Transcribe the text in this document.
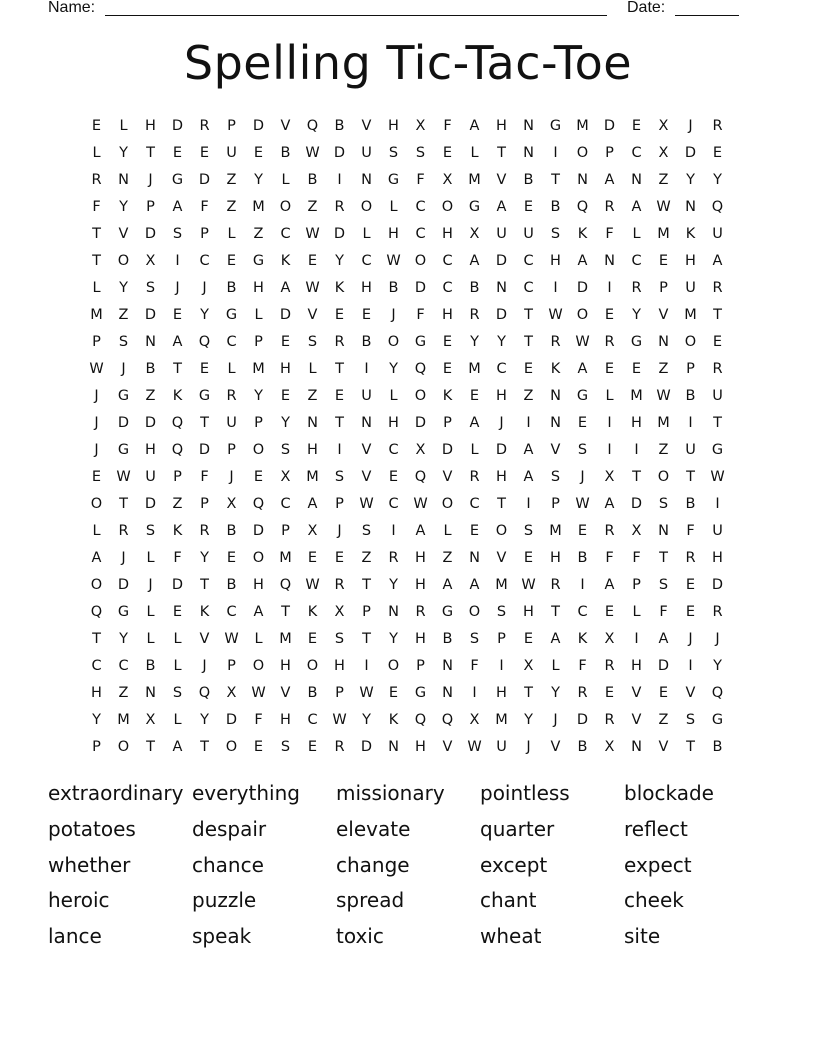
Name:	Date:
Spelling Tic-Tac-Toe
E	L	H	D	R	P	D	V	Q	B	V	H	X	F	A	H	N	G	M	D	E	X	J	R
L	Y	T	E	E	U	E	B	W D	U	S	S	E	L	T	N	I	O	P	C	X	D	E
R	N	J	G	D	Z	Y	L	B	I	N	G	F	X	M	V	B	T	N	A	N	Z	Y	Y
F	Y	P	A	F	Z	M	O	Z	R	O	L	C	O	G	A	E	B	Q	R	A	W N	Q
T	V	D	S	P	L	Z	C	W D	L	H	C	H	X	U	U	S	K	F	L	M	K	U
T	O	X	I	C	E	G	K	E	Y	C	W O	C	A	D	C	H	A	N	C	E	H	A
L	Y	S	J	J	B	H	A	W	K	H	B	D	C	B	N	C	I	D	I	R	P	U	R
M	Z	D	E	Y	G	L	D	V	E	E	J	F	H	R	D	T	W O	E	Y	V	M	T
P	S	N	A	Q	C	P	E	S	R	B	O	G	E	Y	Y	T	R	W	R	G	N	O	E
W	J	B	T	E	L	M	H	L	T	I	Y	Q	E	M	C	E	K	A	E	E	Z	P	R
J	G	Z	K	G	R	Y	E	Z	E	U	L	O	K	E	H	Z	N	G	L	M W	B	U
J	D	D	Q	T	U	P	Y	N	T	N	H	D	P	A	J	I	N	E	I	H	M	I	T
J	G	H	Q	D	P	O	S	H	I	V	C	X	D	L	D	A	V	S	I	I	Z	U	G
E	W	U	P	F	J	E	X	M	S	V	E	Q	V	R	H	A	S	J	X	T	O	T	W
O	T	D	Z	P	X	Q	C	A	P	W	C	W O	C	T	I	P	W	A	D	S	B	I
L	R	S	K	R	B	D	P	X	J	S	I	A	L	E	O	S	M	E	R	X	N	F	U
A	J	L	F	Y	E	O	M	E	E	Z	R	H	Z	N	V	E	H	B	F	F	T	R	H
O	D	J	D	T	B	H	Q W	R	T	Y	H	A	A	M W	R	I	A	P	S	E	D
Q	G	L	E	K	C	A	T	K	X	P	N	R	G	O	S	H	T	C	E	L	F	E	R
T	Y	L	L	V	W	L	M	E	S	T	Y	H	B	S	P	E	A	K	X	I	A	J	J
C	C	B	L	J	P	O	H	O	H	I	O	P	N	F	I	X	L	F	R	H	D	I	Y
H	Z	N	S	Q	X	W	V	B	P	W	E	G	N	I	H	T	Y	R	E	V	E	V	Q
Y	M	X	L	Y	D	F	H	C	W	Y	K	Q	Q	X	M	Y	J	D	R	V	Z	S	G
P	O	T	A	T	O	E	S	E	R	D	N	H	V	W	U	J	V	B	X	N	V	T	B
extraordinary everything	missionary	pointless	blockade
potatoes	despair	elevate	quarter	reflect
whether	chance	change	except	expect
heroic	puzzle	spread	chant	cheek
lance	speak	toxic	wheat	site
